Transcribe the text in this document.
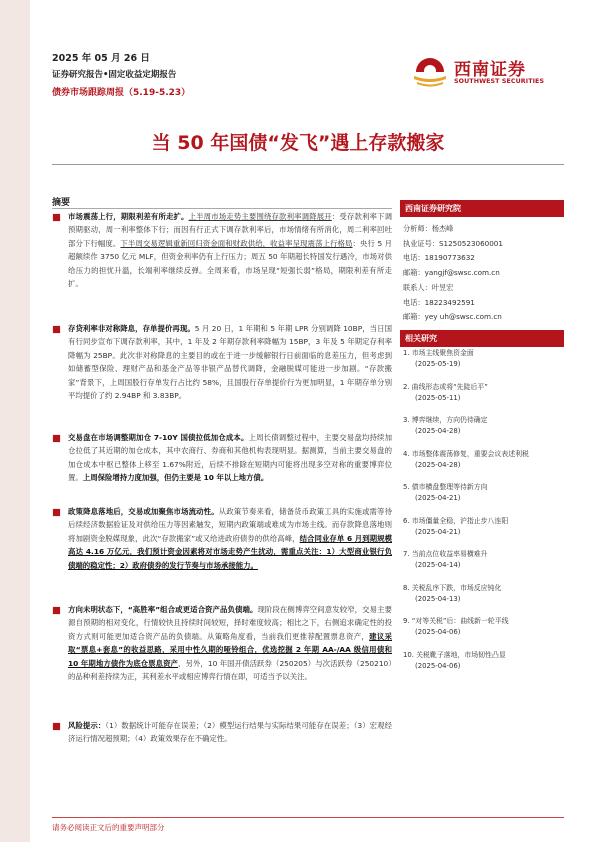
2025 年 05 月 26 日
证券研究报告•固定收益定期报告
债券市场跟踪周报（5.19-5.23）
西南证券
SOUTHWEST SECURITIES
当 50 年国债“发飞”遇上存款搬家
摘要
市场震荡上行，期限利差有所走扩。上半周市场走势主要围绕存款利率调降展开：受存款利率下调预期驱动，周一利率整体下行；而因有行正式下调存款利率后，市场情绪有所消化，周二利率回吐部分下行幅度。下半周交易逻辑重新回归资金面和财政供给，收益率呈现震荡上行格局：央行 5 月超额续作 3750 亿元 MLF，但资金利率仍有上行压力；周五 50 年期超长特国发行遇冷，市场对供给压力的担忧升温，长端利率继续反弹。全周来看，市场呈现“短强长弱”格局，期限利差有所走扩。
存贷利率非对称降息，存单提价再现。5 月 20 日，1 年期和 5 年期 LPR 分别调降 10BP，当日国有行同步宣布下调存款利率，其中，1 年及 2 年期存款利率降幅为 15BP，3 年及 5 年期定存利率降幅为 25BP。此次非对称降息的主要目的或在于进一步缓解银行日前面临的息差压力，但考虑到如储蓄型保险、理财产品和基金产品等非银产品替代调降，金融脱媒可能进一步加剧。“存款搬家”背景下，上周国股行存单发行占比约 58%，且国股行存单提价行为更加明显，1 年期存单分别平均提价了约 2.94BP 和 3.83BP。
交易盘在市场调整期加仓 7-10Y 国债拉低加仓成本。上周长债调整过程中，主要交易盘均持续加仓拉低了其近期的加仓成本，其中农商行、券商和其他机构表现明显。据测算，当前主要交易盘的加仓成本中枢已整体上移至 1.67%附近，后续不排除在短期内可能将出现多空对称的重要博弈位置。上周保险增持力度加强，但仍主要是 10 年以上地方债。
政策降息落地后，交易或加聚焦市场流动性。从政策节奏来看，储备货币政策工具的实施或需等待后续经济数据验证及对供给压力等因素触发，短期内政策端或难成为市场主线。而存款降息落地则将加剧资金脱媒现象，此次“存款搬家”或又给进政府债券的供给高峰，结合同业存单 6 月到期规模高达 4.16 万亿元，我们预计资金因素将对市场走势产生扰动，需重点关注：1）大型商业银行负债端的稳定性；2）政府债券的发行节奏与市场承接能力。
方向未明状态下，“高胜率”组合或更适合资产品负债端。现阶段在侧博弈空间意发较窄，交易主要源自预期的相对变化，行情较快且持续时间较短，择时难度较高；相比之下，右侧追求确定性的投资方式则可能更加适合资产品的负债端。从策略角度看，当前我们更推荐配置票息资产，建议采取“票息+套息”的收益思路，采用中性久期的哑铃组合，优选挖掘 2 年期 AA-/AA 级信用债和 10 年期地方债作为底仓票息资产，另外，10 年国开债活跃券（250205）与次活跃券（250210）的品种利差持续为正，其利差水平或相应博弈行情在即，可适当予以关注。
风险提示：（1）数据统计可能存在误差；（2）模型运行结果与实际结果可能存在误差；（3）宏观经济运行情况超预期；（4）政策效果存在不确定性。
西南证券研究院
分析师：杨杰峰
执业证号：S1250523060001
电话：18190773632
邮箱：yangjf@swsc.com.cn
联系人：叶昱宏
电话：18223492591
邮箱：yey uh@swsc.com.cn
相关研究
1. 市场主线聚焦资金面
(2025-05-19)
2. 曲线形态或将“先陡后平”
(2025-05-11)
3. 博弈继续，方向仍待确定
(2025-04-28)
4. 市场整体震荡修复，重要会议表述利税
(2025-04-28)
5. 债市横盘整理等待新方向
(2025-04-21)
6. 市场僵量全稳，沪指止步八连阳
(2025-04-21)
7. 当前点位收益率易横难升
(2025-04-14)
8. 关税乱序下跌，市场反应钝化
(2025-04-13)
9. “对等关税”后：曲线新一轮平线
(2025-04-06)
10. 关税靴子落地，市场韧性凸显
(2025-04-06)
请务必阅读正文后的重要声明部分
